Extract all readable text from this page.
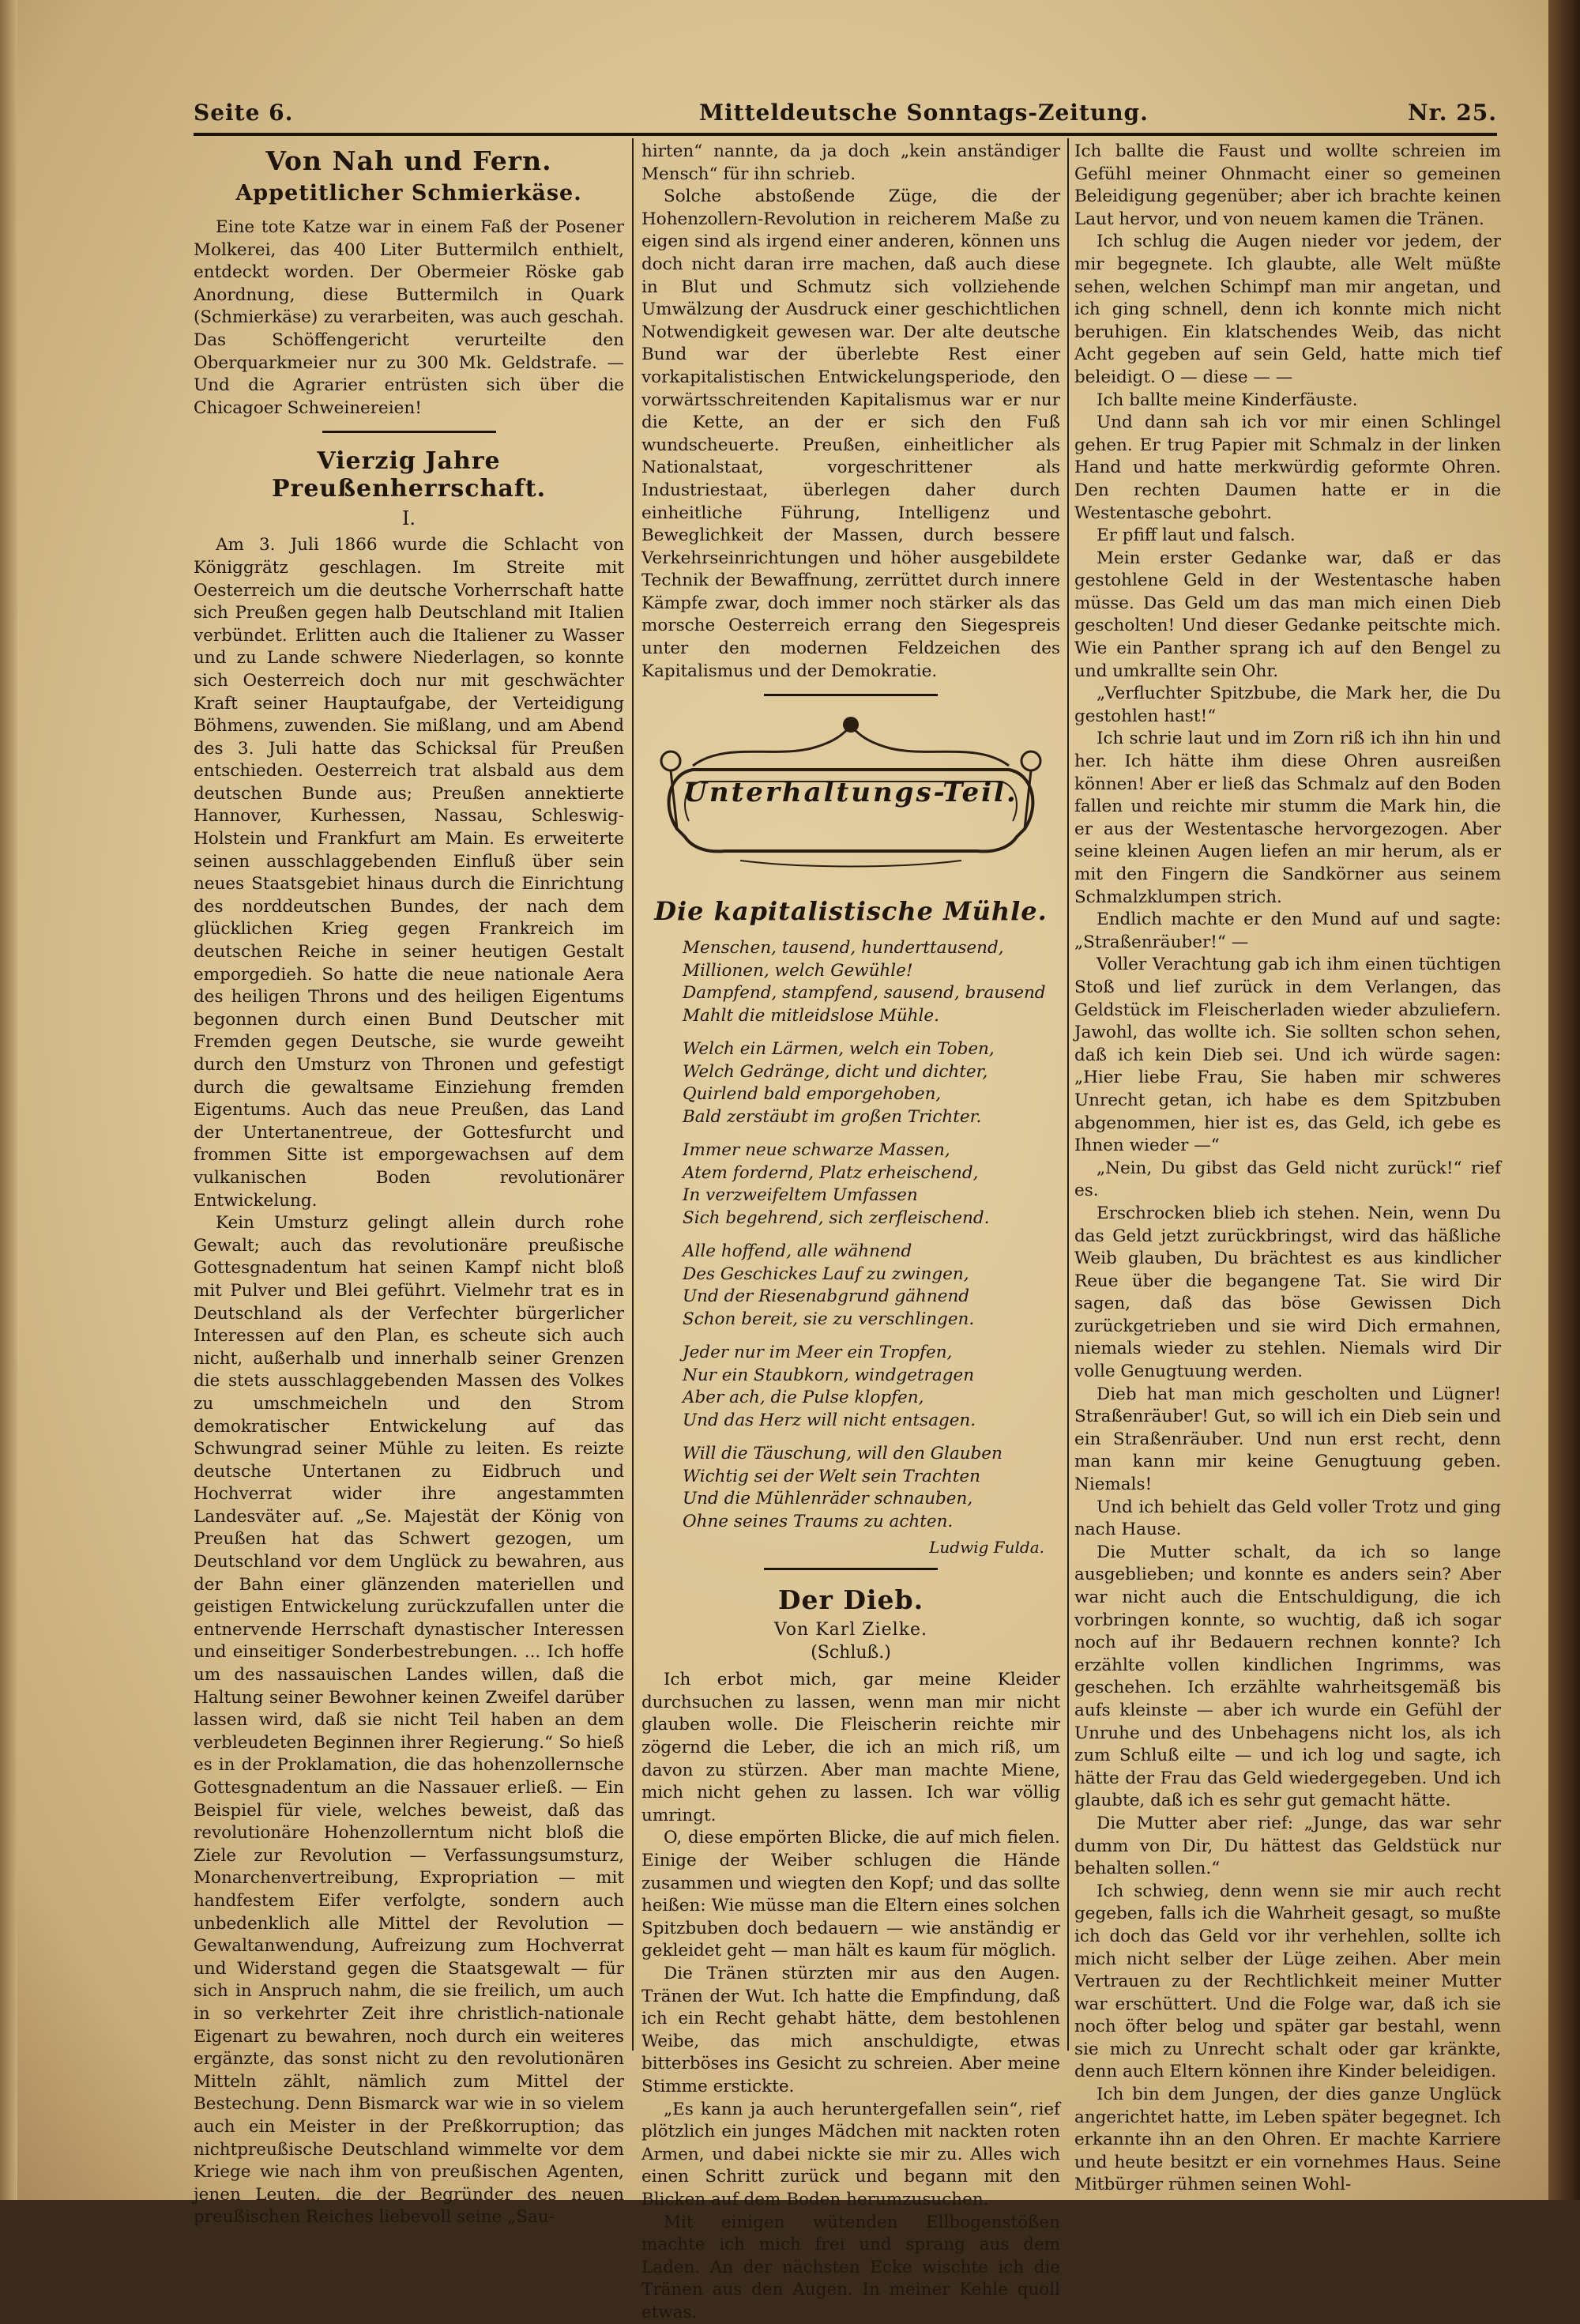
Seite 6.	Mitteldeutsche Sonntags-Zeitung.	Nr. 25.
Von Nah und Fern.
Appetitlicher Schmierkäse.

Eine tote Katze war in einem Faß der Posener Molkerei, das 400 Liter Buttermilch enthielt, entdeckt worden. Der Obermeier Röske gab Anordnung, diese Buttermilch in Quark (Schmierkäse) zu verarbeiten, was auch geschah. Das Schöffengericht verurteilte den Oberquarkmeier nur zu 300 Mk. Geldstrafe. — Und die Agrarier entrüsten sich über die Chicagoer Schweinereien!

Vierzig Jahre Preußenherrschaft.
I.

Am 3. Juli 1866 wurde die Schlacht von Königgrätz geschlagen. Im Streite mit Oesterreich um die deutsche Vorherrschaft hatte sich Preußen gegen halb Deutschland mit Italien verbündet. Erlitten auch die Italiener zu Wasser und zu Lande schwere Niederlagen, so konnte sich Oesterreich doch nur mit geschwächter Kraft seiner Hauptaufgabe, der Verteidigung Böhmens, zuwenden. Sie mißlang, und am Abend des 3. Juli hatte das Schicksal für Preußen entschieden. Oesterreich trat alsbald aus dem deutschen Bunde aus; Preußen annektierte Hannover, Kurhessen, Nassau, Schleswig-Holstein und Frankfurt am Main. Es erweiterte seinen ausschlaggebenden Einfluß über sein neues Staatsgebiet hinaus durch die Einrichtung des norddeutschen Bundes, der nach dem glücklichen Krieg gegen Frankreich im deutschen Reiche in seiner heutigen Gestalt emporgedieh. So hatte die neue nationale Aera des heiligen Throns und des heiligen Eigentums begonnen durch einen Bund Deutscher mit Fremden gegen Deutsche, sie wurde geweiht durch den Umsturz von Thronen und gefestigt durch die gewaltsame Einziehung fremden Eigentums. Auch das neue Preußen, das Land der Untertanentreue, der Gottesfurcht und frommen Sitte ist emporgewachsen auf dem vulkanischen Boden revolutionärer Entwickelung.

Kein Umsturz gelingt allein durch rohe Gewalt; auch das revolutionäre preußische Gottesgnadentum hat seinen Kampf nicht bloß mit Pulver und Blei geführt. Vielmehr trat es in Deutschland als der Verfechter bürgerlicher Interessen auf den Plan, es scheute sich auch nicht, außerhalb und innerhalb seiner Grenzen die stets ausschlaggebenden Massen des Volkes zu umschmeicheln und den Strom demokratischer Entwickelung auf das Schwungrad seiner Mühle zu leiten. Es reizte deutsche Untertanen zu Eidbruch und Hochverrat wider ihre angestammten Landesväter auf. „Se. Majestät der König von Preußen hat das Schwert gezogen, um Deutschland vor dem Unglück zu bewahren, aus der Bahn einer glänzenden materiellen und geistigen Entwickelung zurückzufallen unter die entnervende Herrschaft dynastischer Interessen und einseitiger Sonderbestrebungen. ... Ich hoffe um des nassauischen Landes willen, daß die Haltung seiner Bewohner keinen Zweifel darüber lassen wird, daß sie nicht Teil haben an dem verbleudeten Beginnen ihrer Regierung.“ So hieß es in der Proklamation, die das hohenzollernsche Gottesgnadentum an die Nassauer erließ. — Ein Beispiel für viele, welches beweist, daß das revolutionäre Hohenzollerntum nicht bloß die Ziele zur Revolution — Verfassungsumsturz, Monarchenvertreibung, Expropriation — mit handfestem Eifer verfolgte, sondern auch unbedenklich alle Mittel der Revolution — Gewaltanwendung, Aufreizung zum Hochverrat und Widerstand gegen die Staatsgewalt — für sich in Anspruch nahm, die sie freilich, um auch in so verkehrter Zeit ihre christlich-nationale Eigenart zu bewahren, noch durch ein weiteres ergänzte, das sonst nicht zu den revolutionären Mitteln zählt, nämlich zum Mittel der Bestechung. Denn Bismarck war wie in so vielem auch ein Meister in der Preßkorruption; das nichtpreußische Deutschland wimmelte vor dem Kriege wie nach ihm von preußischen Agenten, jenen Leuten, die der Begründer des neuen preußischen Reiches liebevoll seine „Sau-

hirten“ nannte, da ja doch „kein anständiger Mensch“ für ihn schrieb.

Solche abstoßende Züge, die der Hohenzollern-Revolution in reicherem Maße zu eigen sind als irgend einer anderen, können uns doch nicht daran irre machen, daß auch diese in Blut und Schmutz sich vollziehende Umwälzung der Ausdruck einer geschichtlichen Notwendigkeit gewesen war. Der alte deutsche Bund war der überlebte Rest einer vorkapitalistischen Entwickelungsperiode, den vorwärtsschreitenden Kapitalismus war er nur die Kette, an der er sich den Fuß wundscheuerte. Preußen, einheitlicher als Nationalstaat, vorgeschrittener als Industriestaat, überlegen daher durch einheitliche Führung, Intelligenz und Beweglichkeit der Massen, durch bessere Verkehrseinrichtungen und höher ausgebildete Technik der Bewaffnung, zerrüttet durch innere Kämpfe zwar, doch immer noch stärker als das morsche Oesterreich errang den Siegespreis unter den modernen Feldzeichen des Kapitalismus und der Demokratie.

Unterhaltungs-Teil.
Die kapitalistische Mühle.
Menschen, tausend, hunderttausend,
Millionen, welch Gewühle!
Dampfend, stampfend, sausend, brausend
Mahlt die mitleidslose Mühle.
Welch ein Lärmen, welch ein Toben,
Welch Gedränge, dicht und dichter,
Quirlend bald emporgehoben,
Bald zerstäubt im großen Trichter.
Immer neue schwarze Massen,
Atem fordernd, Platz erheischend,
In verzweifeltem Umfassen
Sich begehrend, sich zerfleischend.
Alle hoffend, alle wähnend
Des Geschickes Lauf zu zwingen,
Und der Riesenabgrund gähnend
Schon bereit, sie zu verschlingen.
Jeder nur im Meer ein Tropfen,
Nur ein Staubkorn, windgetragen
Aber ach, die Pulse klopfen,
Und das Herz will nicht entsagen.
Will die Täuschung, will den Glauben
Wichtig sei der Welt sein Trachten
Und die Mühlenräder schnauben,
Ohne seines Traums zu achten.
Ludwig Fulda.
Der Dieb.
Von Karl Zielke.
(Schluß.)

Ich erbot mich, gar meine Kleider durchsuchen zu lassen, wenn man mir nicht glauben wolle. Die Fleischerin reichte mir zögernd die Leber, die ich an mich riß, um davon zu stürzen. Aber man machte Miene, mich nicht gehen zu lassen. Ich war völlig umringt.

O, diese empörten Blicke, die auf mich fielen. Einige der Weiber schlugen die Hände zusammen und wiegten den Kopf; und das sollte heißen: Wie müsse man die Eltern eines solchen Spitzbuben doch bedauern — wie anständig er gekleidet geht — man hält es kaum für möglich.

Die Tränen stürzten mir aus den Augen. Tränen der Wut. Ich hatte die Empfindung, daß ich ein Recht gehabt hätte, dem bestohlenen Weibe, das mich anschuldigte, etwas bitterböses ins Gesicht zu schreien. Aber meine Stimme erstickte.

„Es kann ja auch heruntergefallen sein“, rief plötzlich ein junges Mädchen mit nackten roten Armen, und dabei nickte sie mir zu. Alles wich einen Schritt zurück und begann mit den Blicken auf dem Boden herumzusuchen.

Mit einigen wütenden Ellbogenstößen machte ich mich frei und sprang aus dem Laden. An der nächsten Ecke wischte ich die Tränen aus den Augen. In meiner Kehle quoll etwas.

Ich ballte die Faust und wollte schreien im Gefühl meiner Ohnmacht einer so gemeinen Beleidigung gegenüber; aber ich brachte keinen Laut hervor, und von neuem kamen die Tränen.

Ich schlug die Augen nieder vor jedem, der mir begegnete. Ich glaubte, alle Welt müßte sehen, welchen Schimpf man mir angetan, und ich ging schnell, denn ich konnte mich nicht beruhigen. Ein klatschendes Weib, das nicht Acht gegeben auf sein Geld, hatte mich tief beleidigt. O — diese — —

Ich ballte meine Kinderfäuste.

Und dann sah ich vor mir einen Schlingel gehen. Er trug Papier mit Schmalz in der linken Hand und hatte merkwürdig geformte Ohren. Den rechten Daumen hatte er in die Westentasche gebohrt.

Er pfiff laut und falsch.

Mein erster Gedanke war, daß er das gestohlene Geld in der Westentasche haben müsse. Das Geld um das man mich einen Dieb gescholten! Und dieser Gedanke peitschte mich. Wie ein Panther sprang ich auf den Bengel zu und umkrallte sein Ohr.

„Verfluchter Spitzbube, die Mark her, die Du gestohlen hast!“

Ich schrie laut und im Zorn riß ich ihn hin und her. Ich hätte ihm diese Ohren ausreißen können! Aber er ließ das Schmalz auf den Boden fallen und reichte mir stumm die Mark hin, die er aus der Westentasche hervorgezogen. Aber seine kleinen Augen liefen an mir herum, als er mit den Fingern die Sandkörner aus seinem Schmalzklumpen strich.

Endlich machte er den Mund auf und sagte: „Straßenräuber!“ —

Voller Verachtung gab ich ihm einen tüchtigen Stoß und lief zurück in dem Verlangen, das Geldstück im Fleischerladen wieder abzuliefern. Jawohl, das wollte ich. Sie sollten schon sehen, daß ich kein Dieb sei. Und ich würde sagen: „Hier liebe Frau, Sie haben mir schweres Unrecht getan, ich habe es dem Spitzbuben abgenommen, hier ist es, das Geld, ich gebe es Ihnen wieder —“

„Nein, Du gibst das Geld nicht zurück!“ rief es.

Erschrocken blieb ich stehen. Nein, wenn Du das Geld jetzt zurückbringst, wird das häßliche Weib glauben, Du brächtest es aus kindlicher Reue über die begangene Tat. Sie wird Dir sagen, daß das böse Gewissen Dich zurückgetrieben und sie wird Dich ermahnen, niemals wieder zu stehlen. Niemals wird Dir volle Genugtuung werden.

Dieb hat man mich gescholten und Lügner! Straßenräuber! Gut, so will ich ein Dieb sein und ein Straßenräuber. Und nun erst recht, denn man kann mir keine Genugtuung geben. Niemals!

Und ich behielt das Geld voller Trotz und ging nach Hause.

Die Mutter schalt, da ich so lange ausgeblieben; und konnte es anders sein? Aber war nicht auch die Entschuldigung, die ich vorbringen konnte, so wuchtig, daß ich sogar noch auf ihr Bedauern rechnen konnte? Ich erzählte vollen kindlichen Ingrimms, was geschehen. Ich erzählte wahrheitsgemäß bis aufs kleinste — aber ich wurde ein Gefühl der Unruhe und des Unbehagens nicht los, als ich zum Schluß eilte — und ich log und sagte, ich hätte der Frau das Geld wiedergegeben. Und ich glaubte, daß ich es sehr gut gemacht hätte.

Die Mutter aber rief: „Junge, das war sehr dumm von Dir, Du hättest das Geldstück nur behalten sollen.“

Ich schwieg, denn wenn sie mir auch recht gegeben, falls ich die Wahrheit gesagt, so mußte ich doch das Geld vor ihr verhehlen, sollte ich mich nicht selber der Lüge zeihen. Aber mein Vertrauen zu der Rechtlichkeit meiner Mutter war erschüttert. Und die Folge war, daß ich sie noch öfter belog und später gar bestahl, wenn sie mich zu Unrecht schalt oder gar kränkte, denn auch Eltern können ihre Kinder beleidigen.

Ich bin dem Jungen, der dies ganze Unglück angerichtet hatte, im Leben später begegnet. Ich erkannte ihn an den Ohren. Er machte Karriere und heute besitzt er ein vornehmes Haus. Seine Mitbürger rühmen seinen Wohl-
